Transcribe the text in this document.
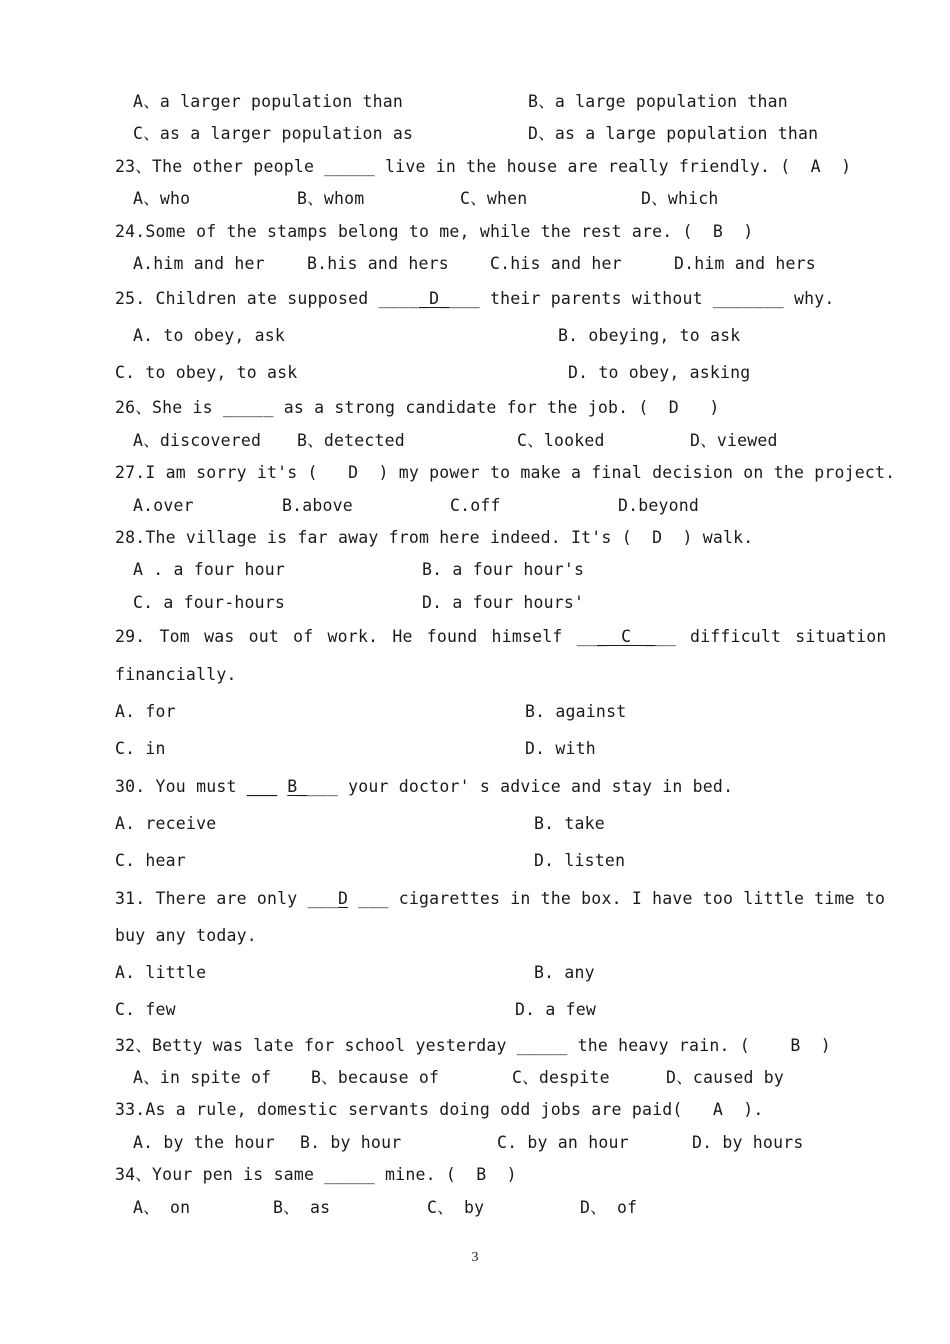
25. Children ate supposed _____D____ their parents without _______ why.
29. Tom was out of work. He found himself ___ C ___ difficult situation
30. You must ___ B____ your doctor' s advice and stay in bed.
31. There are only ___D ___ cigarettes in the box. I have too little time to
3
A、a larger population than	B、a large population than
C、as a larger population as	D、as a large population than
23、The other people _____ live in the house are really friendly. (  A  )
A、who	B、whom	C、when	D、which
24.Some of the stamps belong to me, while the rest are. (  B  )
A.him and her	B.his and hers C.his and her	D.him and hers
A. to obey, ask	B. obeying, to ask
C. to obey, to ask	D. to obey, asking
26、She is _____ as a strong candidate for the job. (  D   )
A、discovered B、detected	C、looked	D、viewed
27.I am sorry it's (   D  ) my power to make a final decision on the project.
A.over	B.above	C.off	D.beyond
28.The village is far away from here indeed. It's (  D  ) walk.
A . a four hour	B. a four hour's
C. a four-hours	D. a four hours'
financially.
A. for	B. against
C. in	D. with
A. receive	B. take
C. hear	D. listen
buy any today.
A. little	B. any
C. few	D. a few
32、Betty was late for school yesterday _____ the heavy rain. (    B  )
A、in spite of B、because of	C、despite	D、caused by
33.As a rule, domestic servants doing odd jobs are paid(   A  ).
A. by the hour B. by hour	C. by an hour	D. by hours
34、Your pen is same _____ mine. (  B  )
A、 on	B、 as	C、 by	D、 of
